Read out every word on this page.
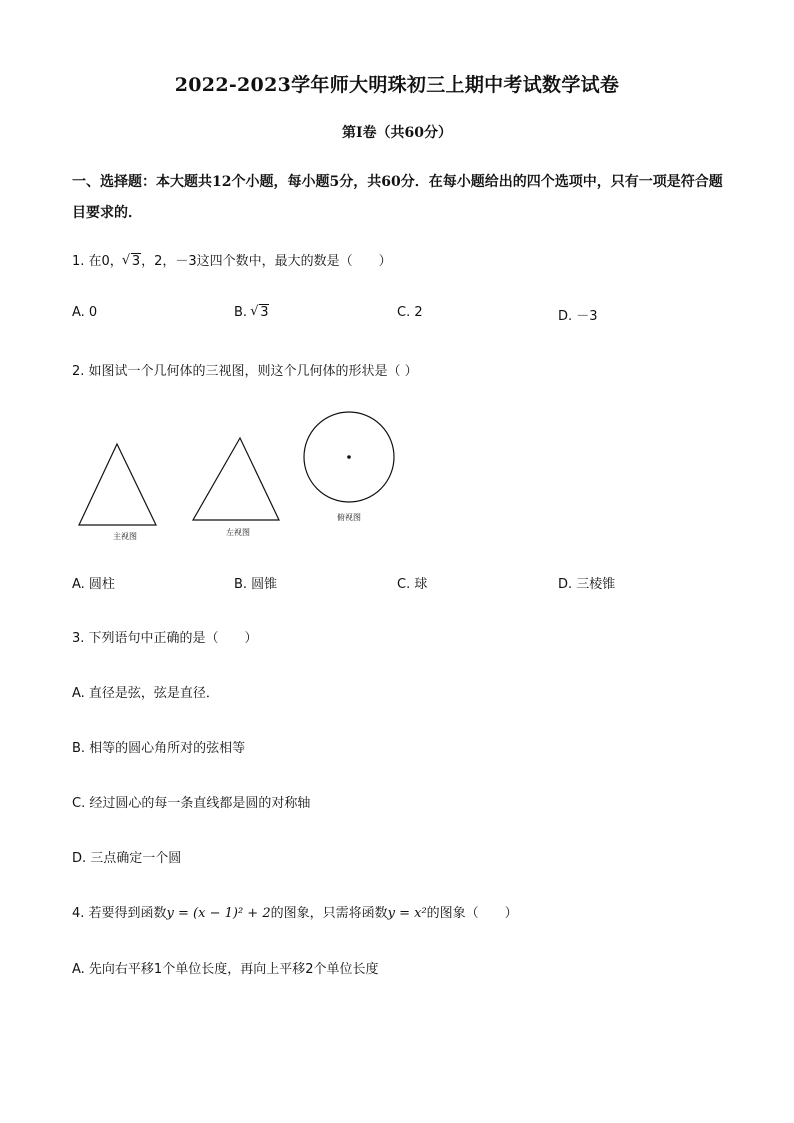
2022-2023学年师大明珠初三上期中考试数学试卷
第Ⅰ卷（共60分）
一、选择题：本大题共12个小题，每小题5分，共60分．在每小题给出的四个选项中，只有一项是符合题目要求的．
1. 在0，√ 3，2，－3这四个数中，最大的数是（　　）
A. 0	B. √ 3	C. 2	D. －3
2. 如图试一个几何体的三视图，则这个几何体的形状是（ ）
主视图	左视图
俯视图
A. 圆柱	B. 圆锥	C. 球	D. 三棱锥
3. 下列语句中正确的是（　　）
A. 直径是弦，弦是直径．
B. 相等的圆心角所对的弦相等
C. 经过圆心的每一条直线都是圆的对称轴
D. 三点确定一个圆
4. 若要得到函数y = (x − 1)² + 2的图象，只需将函数y = x²的图象（　　）
A. 先向右平移1个单位长度，再向上平移2个单位长度
